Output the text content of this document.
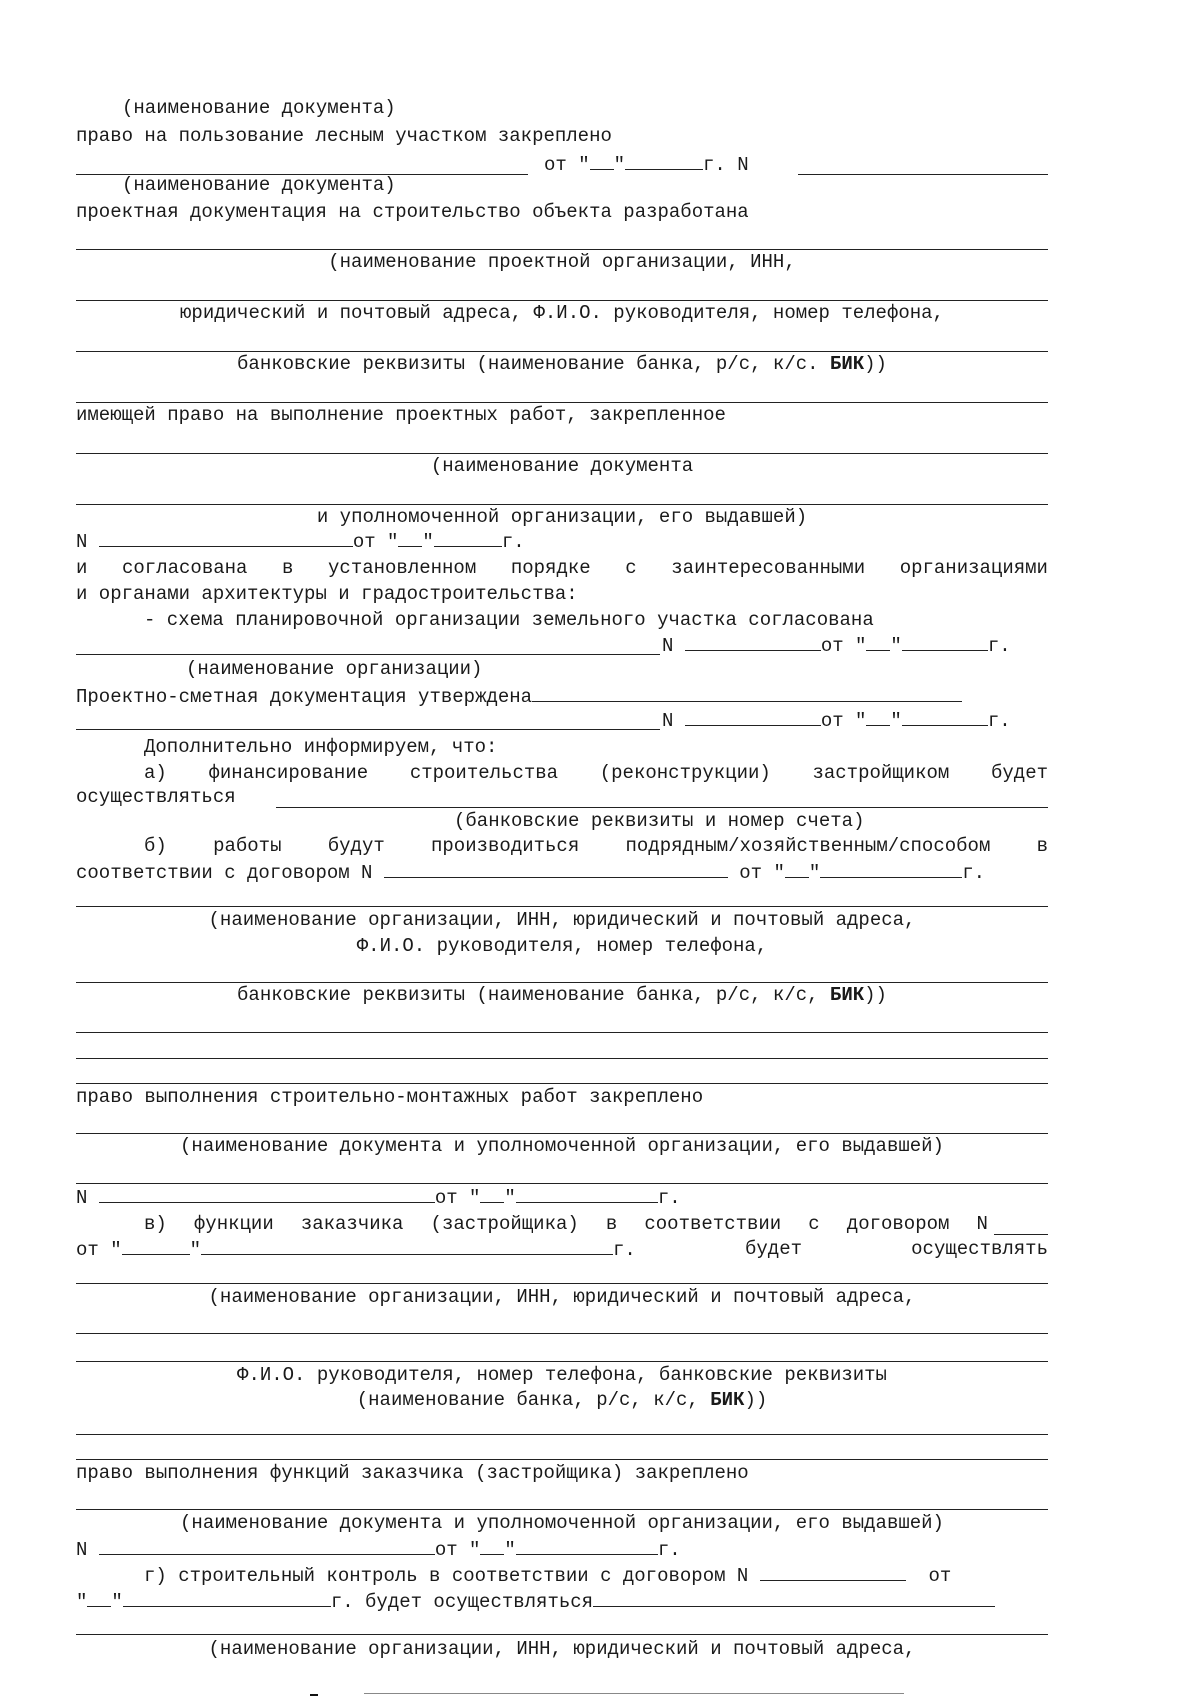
(наименование документа)
право на пользование лесным участком закреплено
от " "	г. N
(наименование документа)
проектная документация на строительство объекта разработана
(наименование проектной организации, ИНН,
юридический и почтовый адреса, Ф.И.О. руководителя, номер телефона,
банковские реквизиты (наименование банка, р/с, к/с. БИК))
имеющей право на выполнение проектных работ, закрепленное
(наименование документа
и уполномоченной организации, его выдавшей)
N	от " "	г.
и согласована в установленном порядке с заинтересованными организациями
и органами архитектуры и градостроительства:
- схема планировочной организации земельного участка согласована
N	от " "	г.
(наименование организации)
Проектно-сметная документация утверждена
N	от " "	г.
Дополнительно информируем, что:
а) финансирование строительства (реконструкции) застройщиком будет
осуществляться
(банковские реквизиты и номер счета)
б) работы будут производиться подрядным/хозяйственным/способом в
соответствии с договором N	от " "	г.
(наименование организации, ИНН, юридический и почтовый адреса,
Ф.И.О. руководителя, номер телефона,
банковские реквизиты (наименование банка, р/с, к/с, БИК))
право выполнения строительно-монтажных работ закреплено
(наименование документа и уполномоченной организации, его выдавшей)
N	от " "	г.
в) функции заказчика (застройщика) в соответствии с договором N
от "	"	г.	будет	осуществлять
(наименование организации, ИНН, юридический и почтовый адреса,
Ф.И.О. руководителя, номер телефона, банковские реквизиты
(наименование банка, р/с, к/с, БИК))
право выполнения функций заказчика (застройщика) закреплено
(наименование документа и уполномоченной организации, его выдавшей)
N	от " "	г.
г) строительный контроль в соответствии с договором N	от
" "	г. будет осуществляться
(наименование организации, ИНН, юридический и почтовый адреса,
